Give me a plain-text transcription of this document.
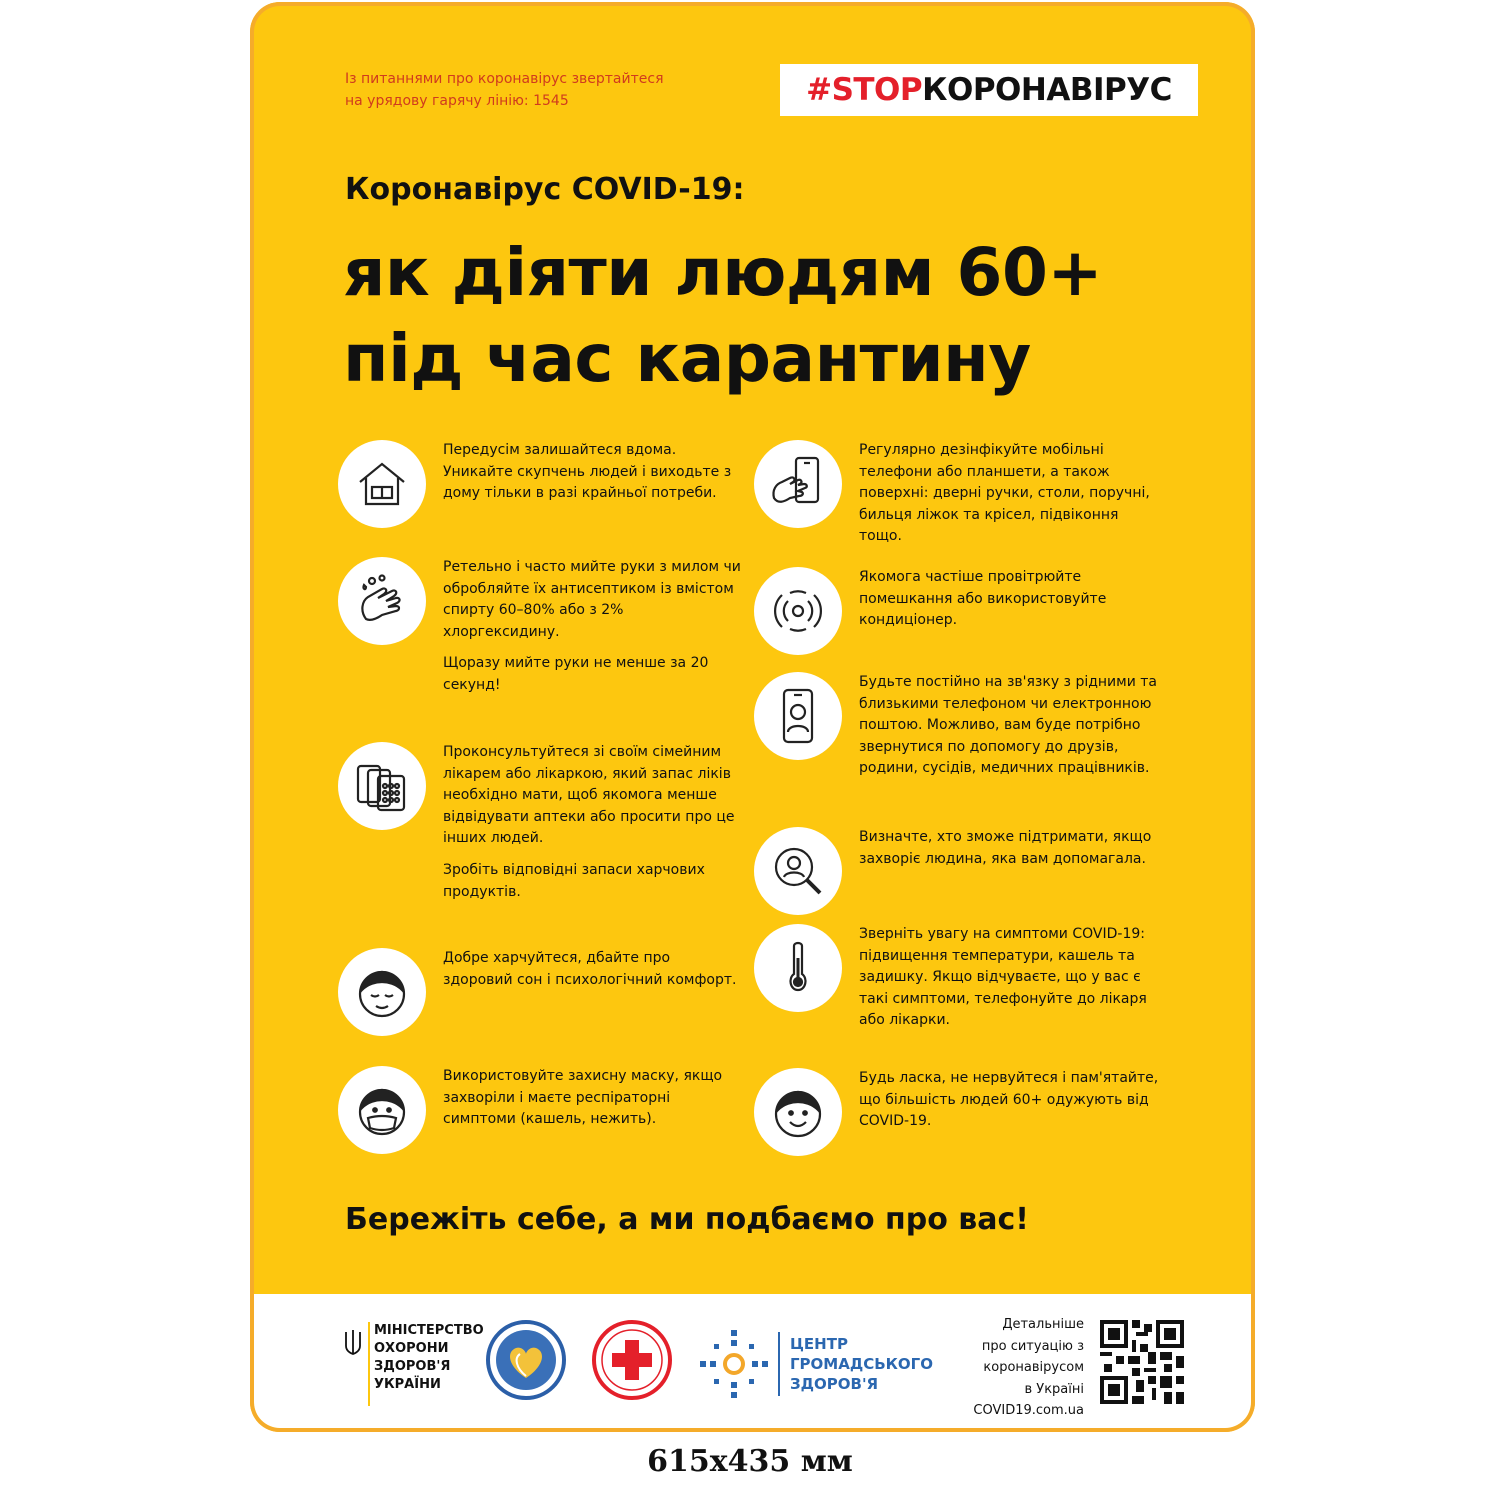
Із питаннями про коронавірус звертайтеся
на урядову гарячу лінію: 1545	#STOP КОРОНАВІРУС
Коронавірус COVID-19:
як діяти людям 60+
під час карантину

Передусім залишайтеся вдома. Уникайте скупчень людей і виходьте з дому тільки в разі крайньої потреби.

Ретельно і часто мийте руки з милом чи обробляйте їх антисептиком із вмістом спирту 60–80% або з 2% хлоргексидину.

Щоразу мийте руки не менше за 20 секунд!

Проконсультуйтеся зі своїм сімейним лікарем або лікаркою, який запас ліків необхідно мати, щоб якомога менше відвідувати аптеки або просити про це інших людей.

Зробіть відповідні запаси харчових продуктів.

Добре харчуйтеся, дбайте про здоровий сон і психологічний комфорт.

Використовуйте захисну маску, якщо захворіли і маєте респіраторні симптоми (кашель, нежить).

Регулярно дезінфікуйте мобільні телефони або планшети, а також поверхні: дверні ручки, столи, поручні, бильця ліжок та крісел, підвіконня тощо.

Якомога частіше провітрюйте помешкання або використовуйте кондиціонер.

Будьте постійно на зв'язку з рідними та близькими телефоном чи електронною поштою. Можливо, вам буде потрібно звернутися по допомогу до друзів, родини, сусідів, медичних працівників.

Визначте, хто зможе підтримати, якщо захворіє людина, яка вам допомагала.

Зверніть увагу на симптоми COVID-19: підвищення температури, кашель та задишку. Якщо відчуваєте, що у вас є такі симптоми, телефонуйте до лікаря або лікарки.

Будь ласка, не нервуйтеся і пам'ятайте, що більшість людей 60+ одужують від COVID-19.

Бережіть себе, а ми подбаємо про вас!
МІНІСТЕРСТВО
ОХОРОНИ
ЗДОРОВ'Я
УКРАЇНИ
ЦЕНТР
ГРОМАДСЬКОГО
ЗДОРОВ'Я
Детальніше
про ситуацію з
коронавірусом
в Україні
COVID19.com.ua
615x435 мм
